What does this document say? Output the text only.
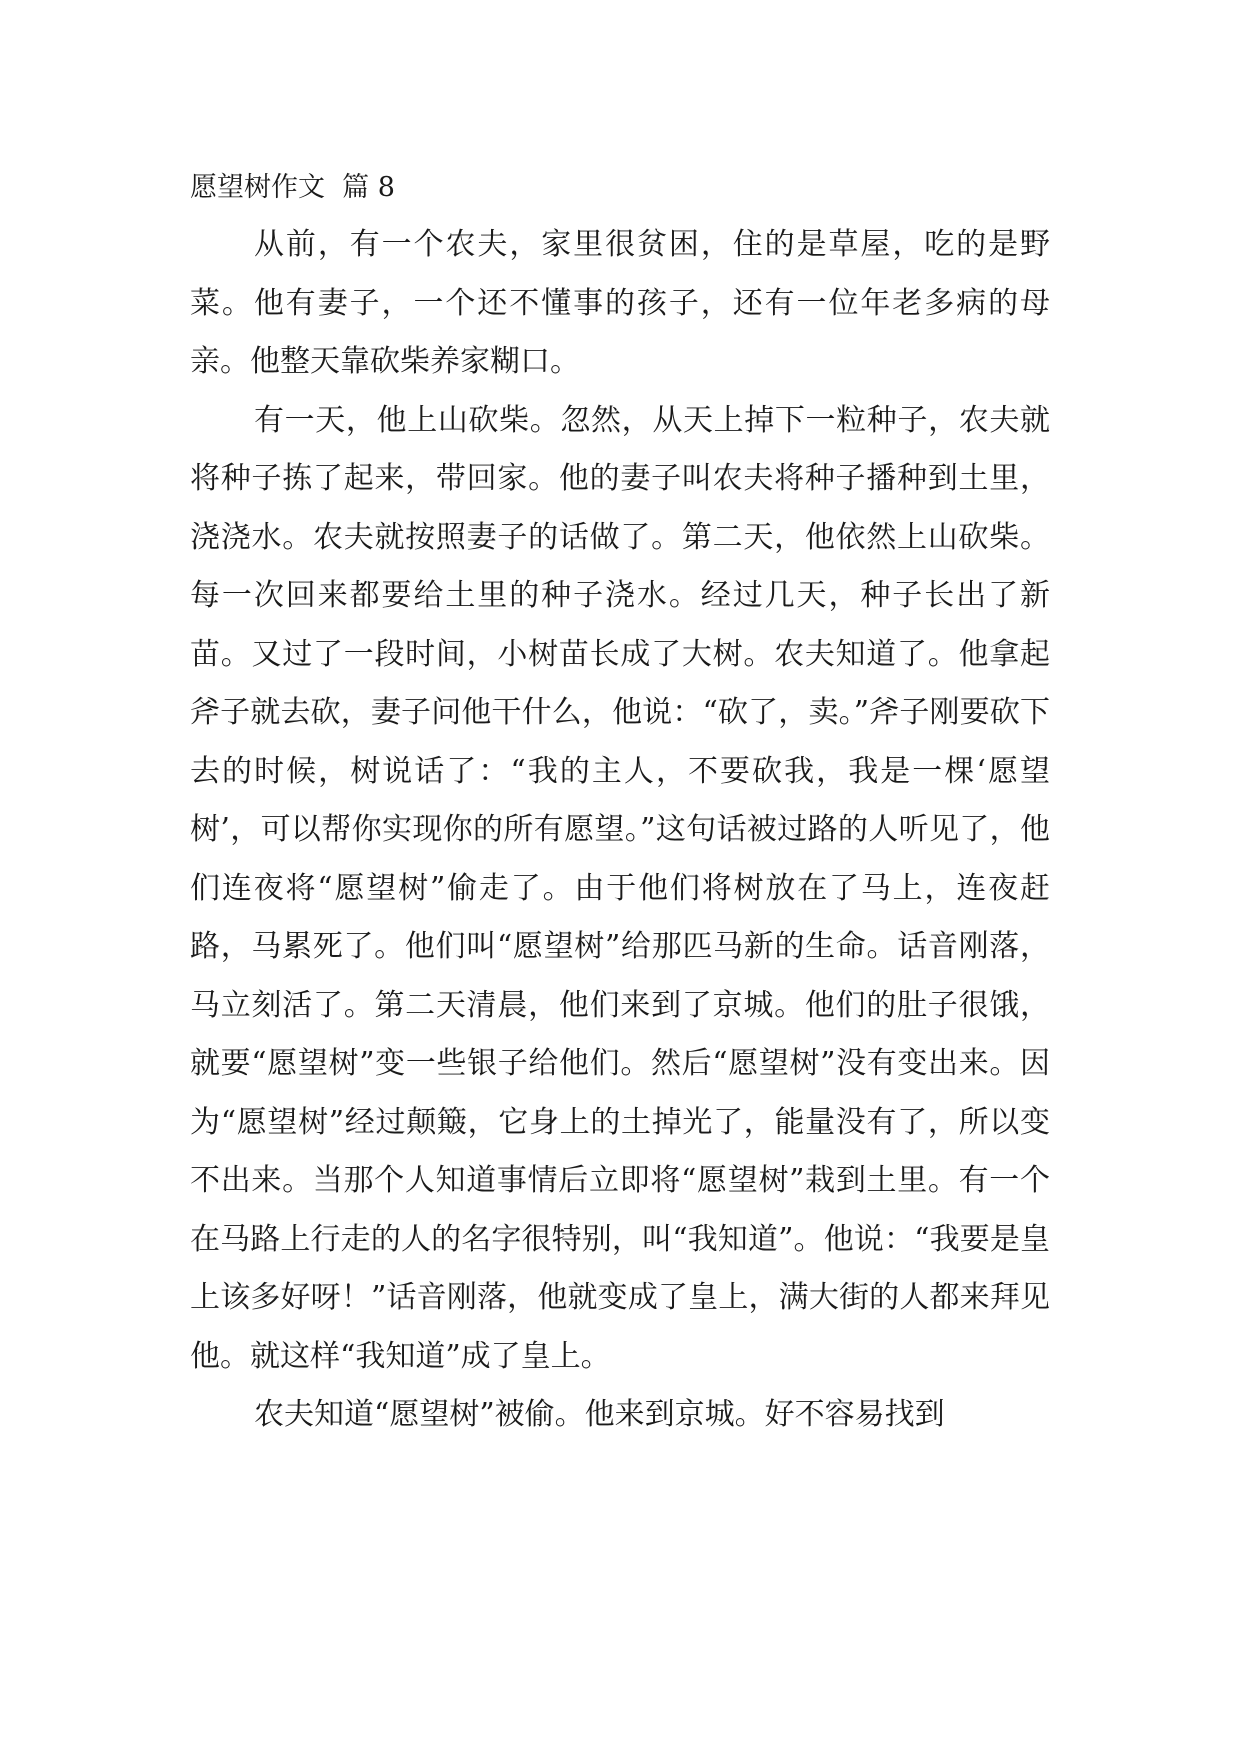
愿望树作文  篇 8

从前，有一个农夫，家里很贫困，住的是草屋，吃的是野菜。他有妻子，一个还不懂事的孩子，还有一位年老多病的母亲。他整天靠砍柴养家糊口。

有一天，他上山砍柴。忽然，从天上掉下一粒种子，农夫就将种子拣了起来，带回家。他的妻子叫农夫将种子播种到土里，浇浇水。农夫就按照妻子的话做了。第二天，他依然上山砍柴。每一次回来都要给土里的种子浇水。经过几天，种子长出了新苗。又过了一段时间，小树苗长成了大树。农夫知道了。他拿起斧子就去砍，妻子问他干什么，他说：“砍了，卖。”斧子刚要砍下去的时候，树说话了：“我的主人，不要砍我，我是一棵‘愿望树’，可以帮你实现你的所有愿望。”这句话被过路的人听见了，他们连夜将“愿望树”偷走了。由于他们将树放在了马上，连夜赶路，马累死了。他们叫“愿望树”给那匹马新的生命。话音刚落，马立刻活了。第二天清晨，他们来到了京城。他们的肚子很饿，就要“愿望树”变一些银子给他们。然后“愿望树”没有变出来。因为“愿望树”经过颠簸，它身上的土掉光了，能量没有了，所以变不出来。当那个人知道事情后立即将“愿望树”栽到土里。有一个在马路上行走的人的名字很特别，叫“我知道”。他说：“我要是皇上该多好呀！”话音刚落，他就变成了皇上，满大街的人都来拜见他。就这样“我知道”成了皇上。

农夫知道“愿望树”被偷。他来到京城。好不容易找到
